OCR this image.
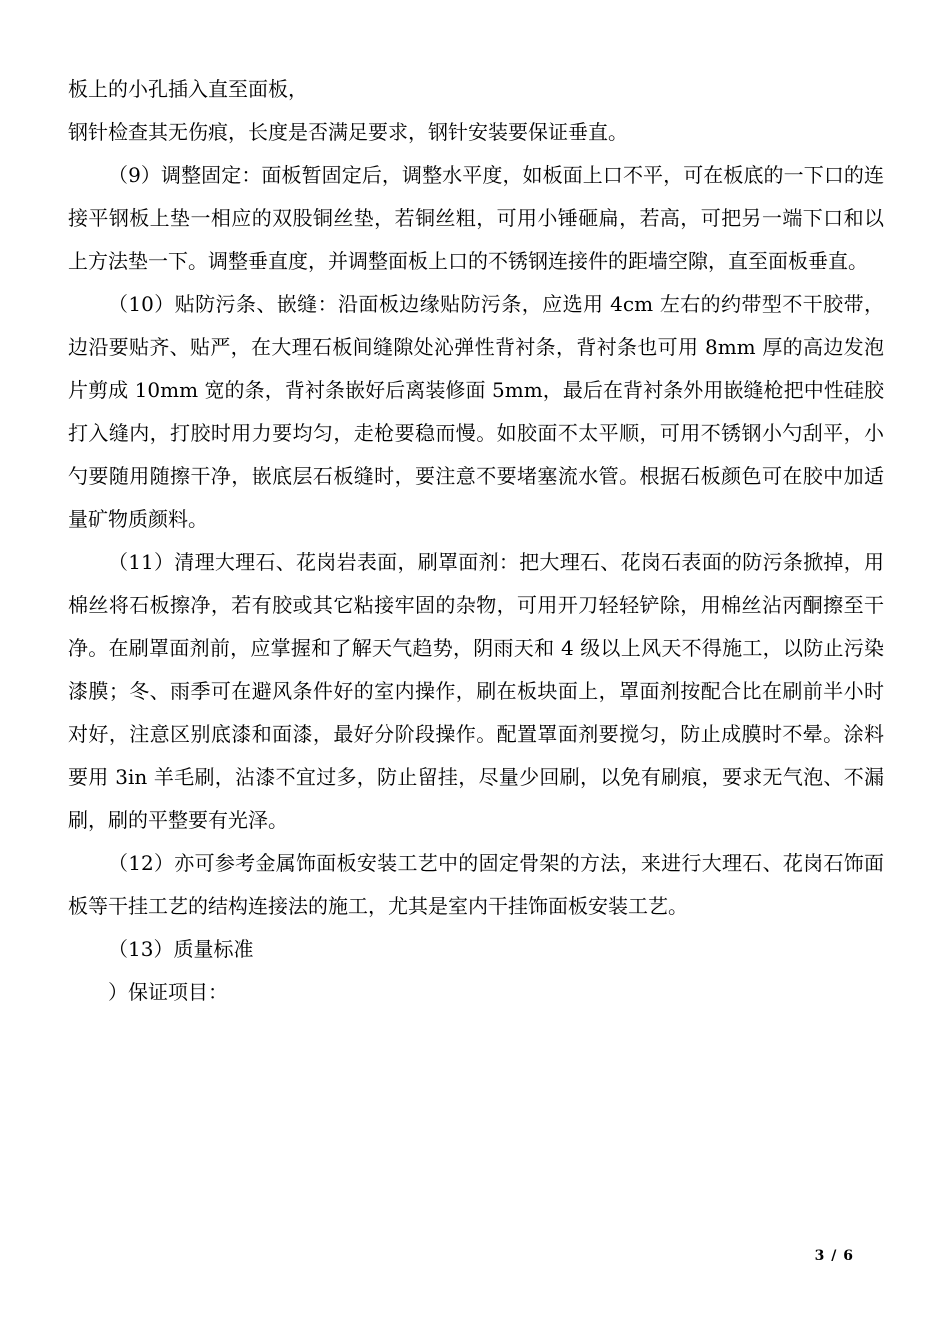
板上的小孔插入直至面板，

钢针检查其无伤痕，长度是否满足要求，钢针安装要保证垂直。

（9）调整固定：面板暂固定后，调整水平度，如板面上口不平，可在板底的一下口的连接平钢板上垫一相应的双股铜丝垫，若铜丝粗，可用小锤砸扁，若高，可把另一端下口和以上方法垫一下。调整垂直度，并调整面板上口的不锈钢连接件的距墙空隙，直至面板垂直。

（10）贴防污条、嵌缝：沿面板边缘贴防污条，应选用 4cm 左右的约带型不干胶带，边沿要贴齐、贴严，在大理石板间缝隙处沁弹性背衬条，背衬条也可用 8mm 厚的高边发泡片剪成 10mm 宽的条，背衬条嵌好后离装修面 5mm，最后在背衬条外用嵌缝枪把中性硅胶打入缝内，打胶时用力要均匀，走枪要稳而慢。如胶面不太平顺，可用不锈钢小勺刮平，小勺要随用随擦干净，嵌底层石板缝时，要注意不要堵塞流水管。根据石板颜色可在胶中加适量矿物质颜料。

（11）清理大理石、花岗岩表面，刷罩面剂：把大理石、花岗石表面的防污条掀掉，用棉丝将石板擦净，若有胶或其它粘接牢固的杂物，可用开刀轻轻铲除，用棉丝沾丙酮擦至干净。在刷罩面剂前，应掌握和了解天气趋势，阴雨天和 4 级以上风天不得施工，以防止污染漆膜；冬、雨季可在避风条件好的室内操作，刷在板块面上，罩面剂按配合比在刷前半小时对好，注意区别底漆和面漆，最好分阶段操作。配置罩面剂要搅匀，防止成膜时不晕。涂料要用 3in 羊毛刷，沾漆不宜过多，防止留挂，尽量少回刷，以免有刷痕，要求无气泡、不漏刷，刷的平整要有光泽。

（12）亦可参考金属饰面板安装工艺中的固定骨架的方法，来进行大理石、花岗石饰面板等干挂工艺的结构连接法的施工，尤其是室内干挂饰面板安装工艺。

（13）质量标准

）保证项目：

3 / 6
